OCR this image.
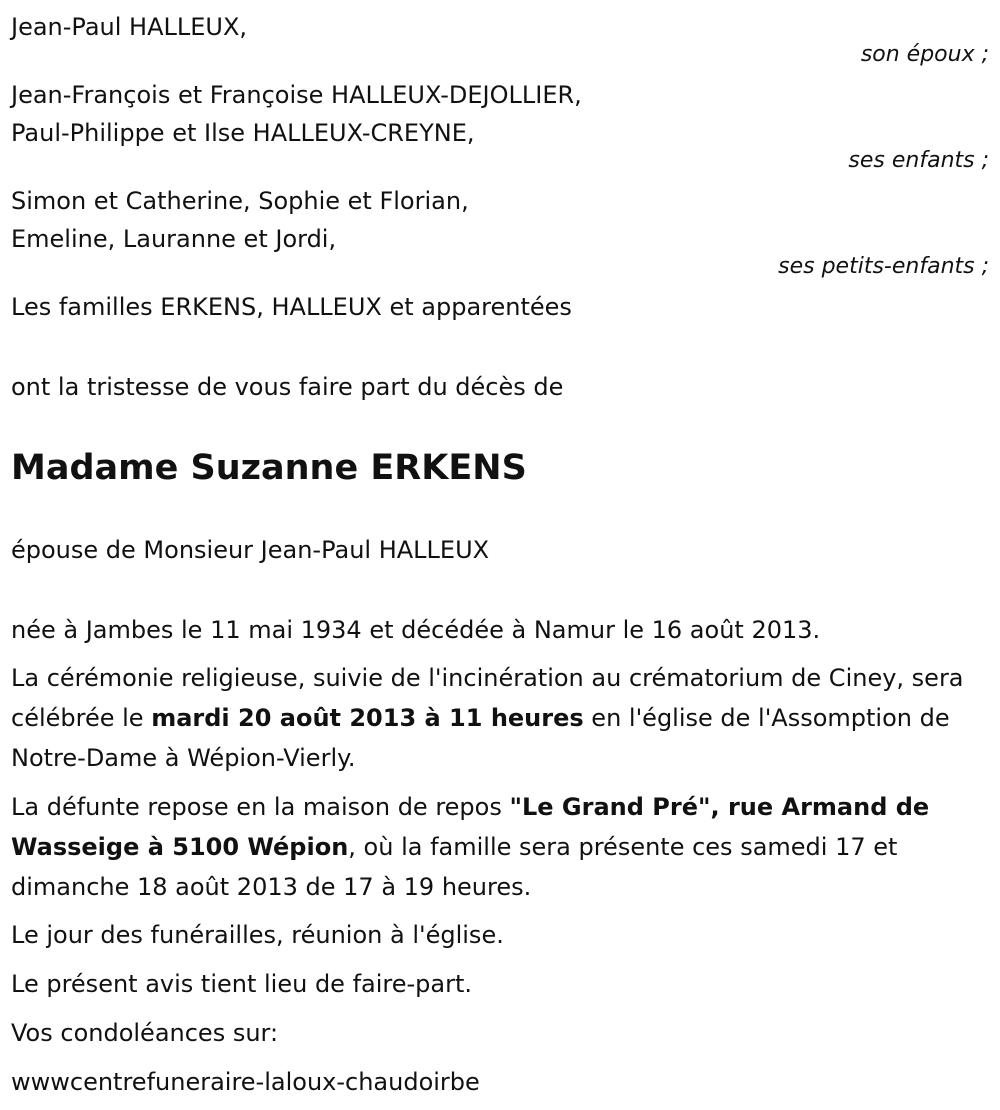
Jean-Paul HALLEUX,

son époux ;

Jean-François et Françoise HALLEUX-DEJOLLIER,

Paul-Philippe et Ilse HALLEUX-CREYNE,

ses enfants ;

Simon et Catherine, Sophie et Florian,

Emeline, Lauranne et Jordi,

ses petits-enfants ;

Les familles ERKENS, HALLEUX et apparentées

ont la tristesse de vous faire part du décès de

Madame Suzanne ERKENS

épouse de Monsieur Jean-Paul HALLEUX

née à Jambes le 11 mai 1934 et décédée à Namur le 16 août 2013.

La cérémonie religieuse, suivie de l'incinération au crématorium de Ciney, sera célébrée le mardi 20 août 2013 à 11 heures en l'église de l'Assomption de Notre-Dame à Wépion-Vierly.

La défunte repose en la maison de repos "Le Grand Pré", rue Armand de Wasseige à 5100 Wépion, où la famille sera présente ces samedi 17 et dimanche 18 août 2013 de 17 à 19 heures.

Le jour des funérailles, réunion à l'église.

Le présent avis tient lieu de faire-part.

Vos condoléances sur:

wwwcentrefuneraire-laloux-chaudoirbe
